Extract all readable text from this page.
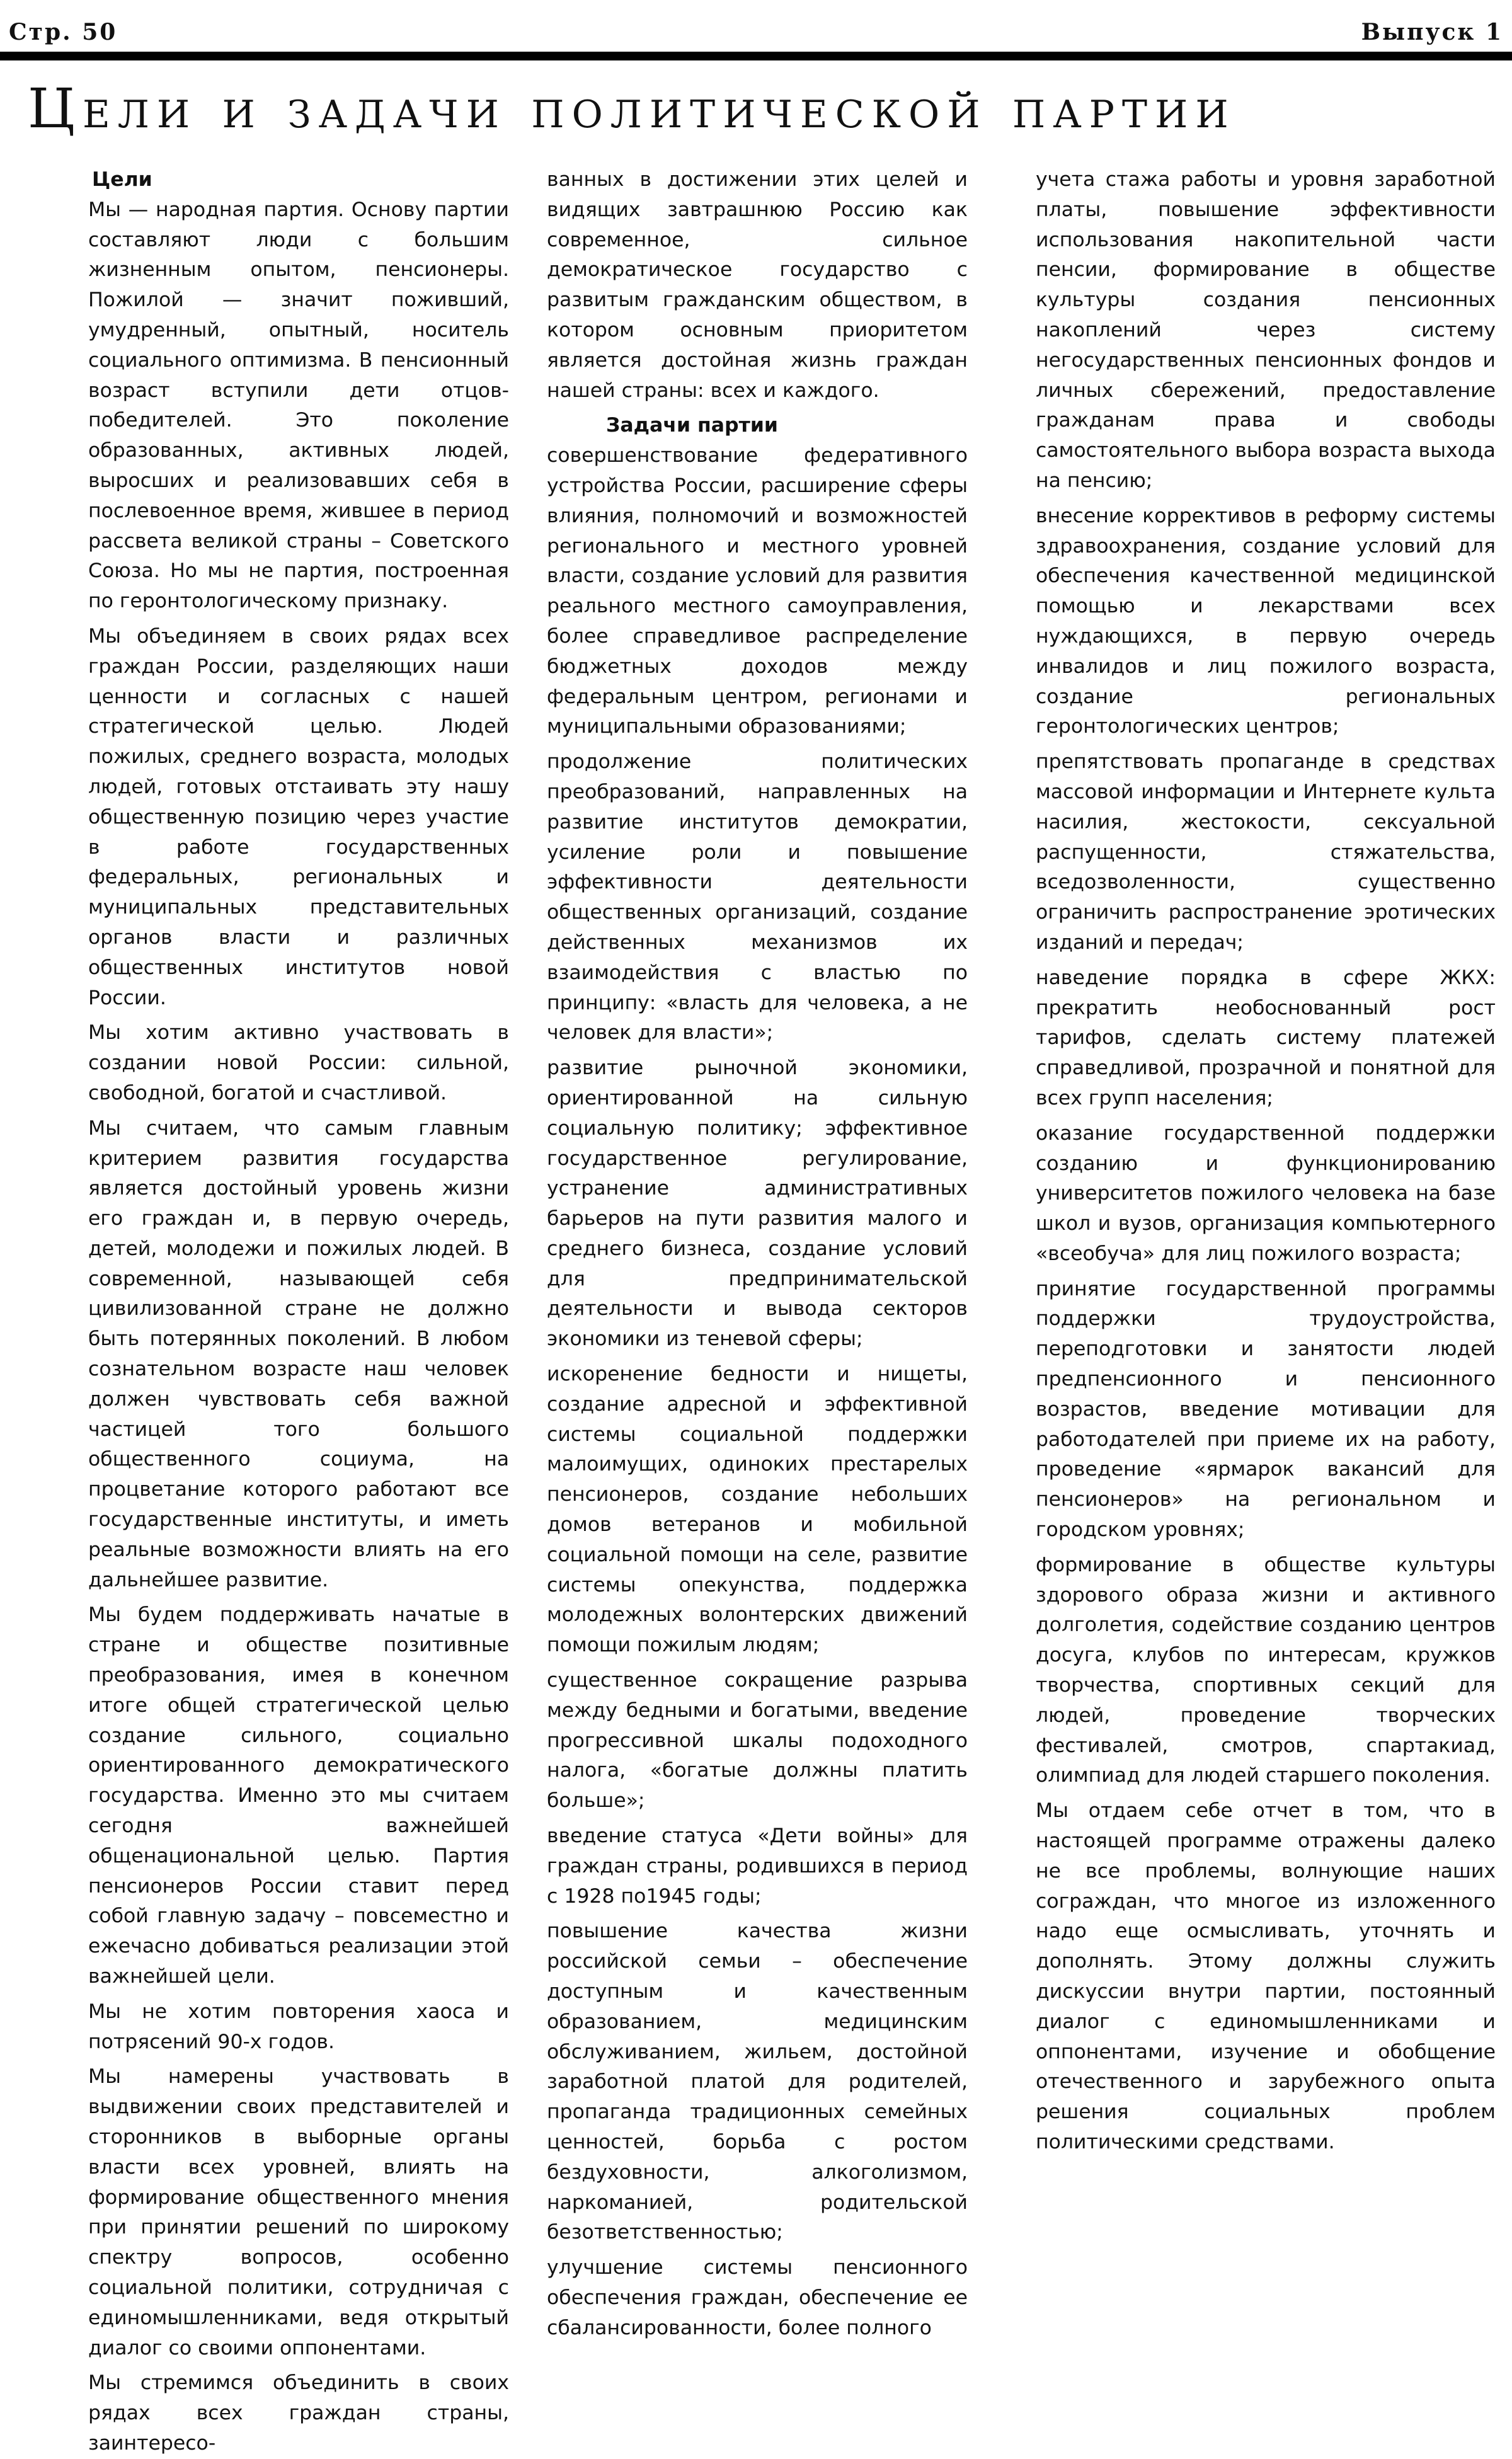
Стр. 50	Выпуск 1
Цели и задачи политической партии
Цели

Мы — народная партия. Основу партии составляют люди с большим жизненным опытом, пенсионеры. Пожилой — значит поживший, умудренный, опытный, носитель социального оптимизма. В пенсионный возраст вступили дети отцов-победителей. Это поколение образованных, активных людей, выросших и реализовавших себя в послевоенное время, жившее в период рассвета великой страны – Советского Союза. Но мы не партия, построенная по геронтологическому признаку.

Мы объединяем в своих рядах всех граждан России, разделяющих наши ценности и согласных с нашей стратегической целью. Людей пожилых, среднего возраста, молодых людей, готовых отстаивать эту нашу общественную позицию через участие в работе государственных федеральных, региональных и муниципальных представительных органов власти и различных общественных институтов новой России.

Мы хотим активно участвовать в создании новой России: сильной, свободной, богатой и счастливой.

Мы считаем, что самым главным критерием развития государства является достойный уровень жизни его граждан и, в первую очередь, детей, молодежи и пожилых людей. В современной, называющей себя цивилизованной стране не должно быть потерянных поколений. В любом сознательном возрасте наш человек должен чувствовать себя важной частицей того большого общественного социума, на процветание которого работают все государственные институты, и иметь реальные возможности влиять на его дальнейшее развитие.

Мы будем поддерживать начатые в стране и обществе позитивные преобразования, имея в конечном итоге общей стратегической целью создание сильного, социально ориентированного демократического государства. Именно это мы считаем сегодня важнейшей общенациональной целью. Партия пенсионеров России ставит перед собой главную задачу – повсеместно и ежечасно добиваться реализации этой важнейшей цели.

Мы не хотим повторения хаоса и потрясений 90-х годов.

Мы намерены участвовать в выдвижении своих представителей и сторонников в выборные органы власти всех уровней, влиять на формирование общественного мнения при принятии решений по широкому спектру вопросов, особенно социальной политики, сотрудничая с единомышленниками, ведя открытый диалог со своими оппонентами.

Мы стремимся объединить в своих рядах всех граждан страны, заинтересо-

ванных в достижении этих целей и видящих завтрашнюю Россию как современное, сильное демократическое государство с развитым гражданским обществом, в котором основным приоритетом является достойная жизнь граждан нашей страны: всех и каждого.

Задачи партии

совершенствование федеративного устройства России, расширение сферы влияния, полномочий и возможностей регионального и местного уровней власти, создание условий для развития реального местного самоуправления, более справедливое распределение бюджетных доходов между федеральным центром, регионами и муниципальными образованиями;

продолжение политических преобразований, направленных на развитие институтов демократии, усиление роли и повышение эффективности деятельности общественных организаций, создание действенных механизмов их взаимодействия с властью по принципу: «власть для человека, а не человек для власти»;

развитие рыночной экономики, ориентированной на сильную социальную политику; эффективное государственное регулирование, устранение административных барьеров на пути развития малого и среднего бизнеса, создание условий для предпринимательской деятельности и вывода секторов экономики из теневой сферы;

искоренение бедности и нищеты, создание адресной и эффективной системы социальной поддержки малоимущих, одиноких престарелых пенсионеров, создание небольших домов ветеранов и мобильной социальной помощи на селе, развитие системы опекунства, поддержка молодежных волонтерских движений помощи пожилым людям;

существенное сокращение разрыва между бедными и богатыми, введение прогрессивной шкалы подоходного налога, «богатые должны платить больше»;

введение статуса «Дети войны» для граждан страны, родившихся в период с 1928 по1945 годы;

повышение качества жизни российской семьи – обеспечение доступным и качественным образованием, медицинским обслуживанием, жильем, достойной заработной платой для родителей, пропаганда традиционных семейных ценностей, борьба с ростом бездуховности, алкоголизмом, наркоманией, родительской безответственностью;

улучшение системы пенсионного обеспечения граждан, обеспечение ее сбалансированности, более полного

учета стажа работы и уровня заработной платы, повышение эффективности использования накопительной части пенсии, формирование в обществе культуры создания пенсионных накоплений через систему негосударственных пенсионных фондов и личных сбережений, предоставление гражданам права и свободы самостоятельного выбора возраста выхода на пенсию;

внесение коррективов в реформу системы здравоохранения, создание условий для обеспечения качественной медицинской помощью и лекарствами всех нуждающихся, в первую очередь инвалидов и лиц пожилого возраста, создание региональных геронтологических центров;

препятствовать пропаганде в средствах массовой информации и Интернете культа насилия, жестокости, сексуальной распущенности, стяжательства, вседозволенности, существенно ограничить распространение эротических изданий и передач;

наведение порядка в сфере ЖКХ: прекратить необоснованный рост тарифов, сделать систему платежей справедливой, прозрачной и понятной для всех групп населения;

оказание государственной поддержки созданию и функционированию университетов пожилого человека на базе школ и вузов, организация компьютерного «всеобуча» для лиц пожилого возраста;

принятие государственной программы поддержки трудоустройства, переподготовки и занятости людей предпенсионного и пенсионного возрастов, введение мотивации для работодателей при приеме их на работу, проведение «ярмарок вакансий для пенсионеров» на региональном и городском уровнях;

формирование в обществе культуры здорового образа жизни и активного долголетия, содействие созданию центров досуга, клубов по интересам, кружков творчества, спортивных секций для людей, проведение творческих фестивалей, смотров, спартакиад, олимпиад для людей старшего поколения.

Мы отдаем себе отчет в том, что в настоящей программе отражены далеко не все проблемы, волнующие наших сограждан, что многое из изложенного надо еще осмысливать, уточнять и дополнять. Этому должны служить дискуссии внутри партии, постоянный диалог с единомышленниками и оппонентами, изучение и обобщение отечественного и зарубежного опыта решения социальных проблем политическими средствами.
